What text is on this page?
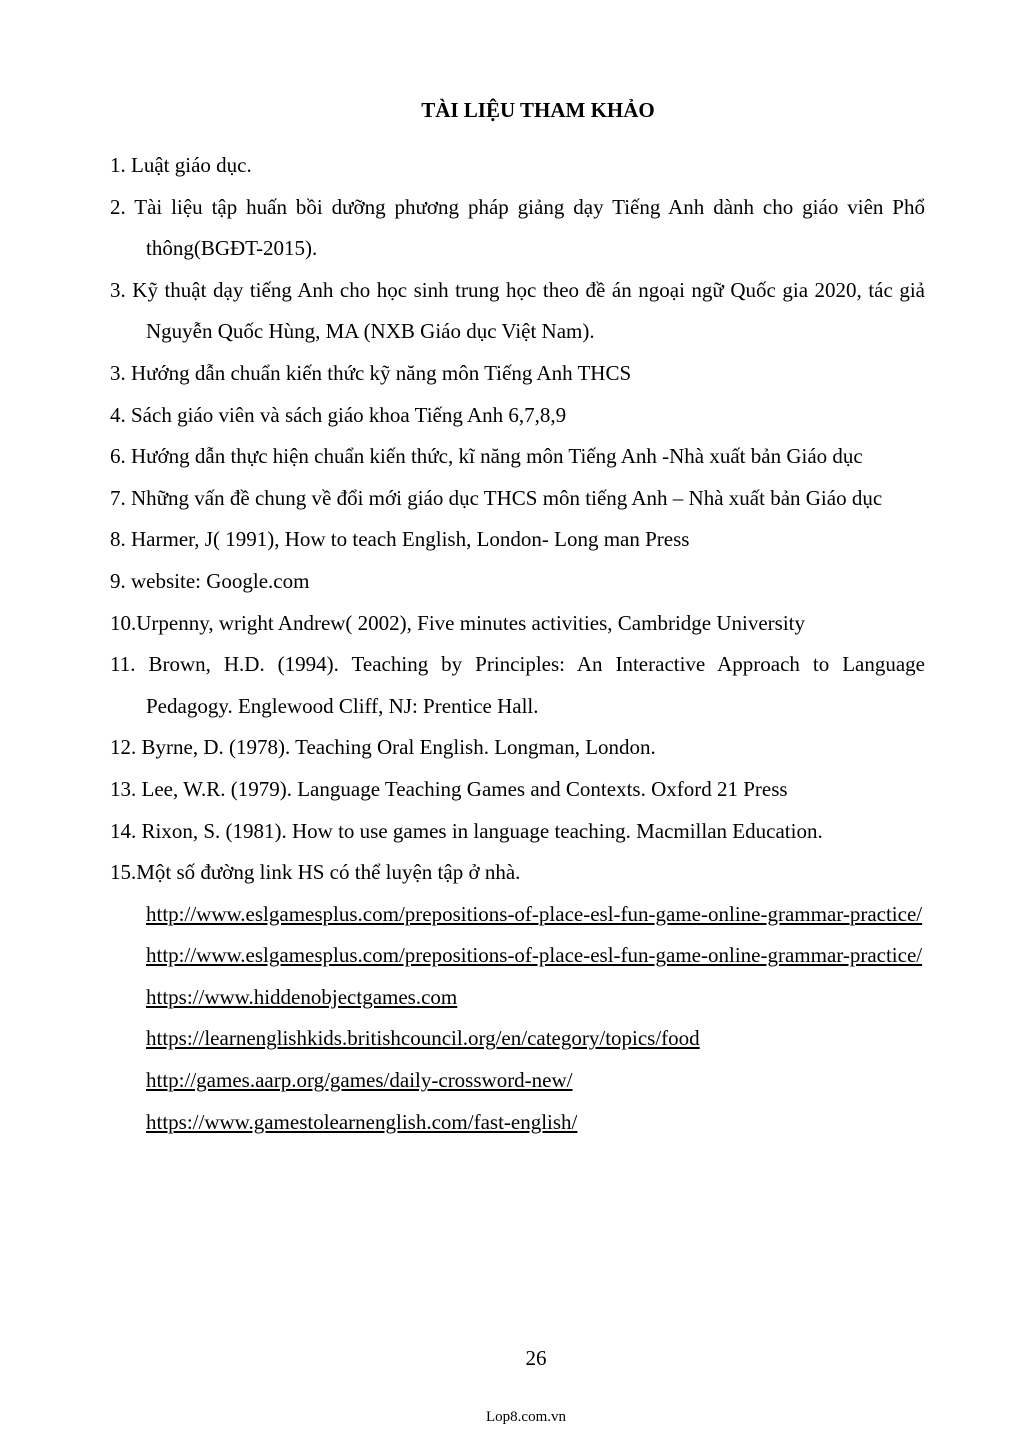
TÀI LIỆU THAM KHẢO
1. Luật giáo dục.
2. Tài liệu tập huấn bồi dưỡng phương pháp giảng dạy Tiếng Anh dành cho giáo viên Phổ thông(BGĐT-2015).
3. Kỹ thuật dạy tiếng Anh cho học sinh trung học theo đề án ngoại ngữ Quốc gia 2020, tác giả Nguyễn Quốc Hùng, MA (NXB Giáo dục Việt Nam).
3. Hướng dẫn chuẩn kiến thức kỹ năng môn Tiếng Anh THCS
4. Sách giáo viên và sách giáo khoa Tiếng Anh 6,7,8,9
6. Hướng dẫn thực hiện chuẩn kiến thức, kĩ năng môn Tiếng Anh -Nhà xuất bản Giáo dục
7. Những vấn đề chung về đổi mới giáo dục THCS môn tiếng Anh – Nhà xuất bản Giáo dục
8. Harmer, J( 1991), How to teach English, London- Long man Press
9. website: Google.com
10.Urpenny, wright Andrew( 2002), Five minutes activities, Cambridge University
11. Brown, H.D. (1994). Teaching by Principles: An Interactive Approach to Language Pedagogy. Englewood Cliff, NJ: Prentice Hall.
12. Byrne, D. (1978). Teaching Oral English. Longman, London.
13. Lee, W.R. (1979). Language Teaching Games and Contexts. Oxford 21 Press
14. Rixon, S. (1981). How to use games in language teaching. Macmillan Education.
15.Một số đường link HS có thể luyện tập ở nhà.
http://www.eslgamesplus.com/prepositions-of-place-esl-fun-game-online-grammar-practice/
http://www.eslgamesplus.com/prepositions-of-place-esl-fun-game-online-grammar-practice/
https://www.hiddenobjectgames.com
https://learnenglishkids.britishcouncil.org/en/category/topics/food
http://games.aarp.org/games/daily-crossword-new/
https://www.gamestolearnenglish.com/fast-english/
26
Lop8.com.vn
